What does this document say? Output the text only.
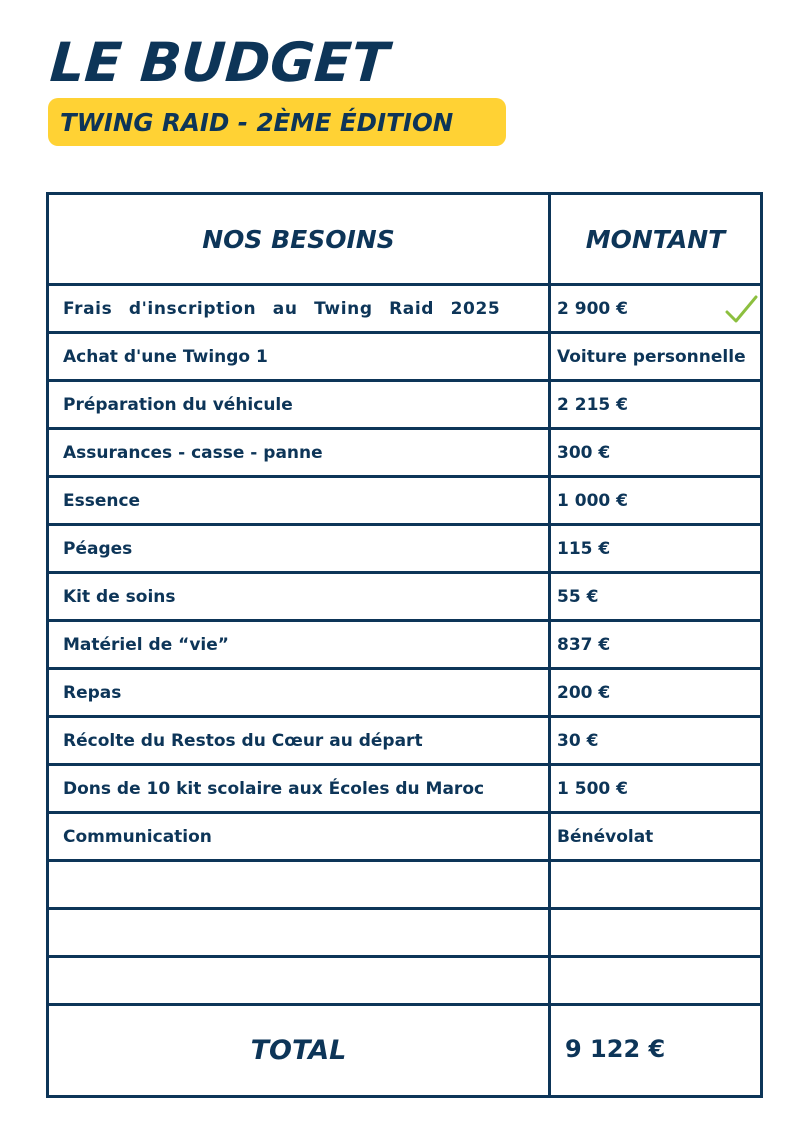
LE BUDGET
TWING RAID - 2ÈME ÉDITION
NOS BESOINS	MONTANT
Frais d'inscription au Twing Raid 2025	2 900 €

Achat d'une Twingo 1	Voiture personnelle
Préparation du véhicule	2 215 €
Assurances - casse - panne	300 €
Essence	1 000 €
Péages	115 €
Kit de soins	55 €
Matériel de “vie”	837 €
Repas	200 €
Récolte du Restos du Cœur au départ	30 €
Dons de 10 kit scolaire aux Écoles du Maroc	1 500 €
Communication	Bénévolat

TOTAL	9 122 €
